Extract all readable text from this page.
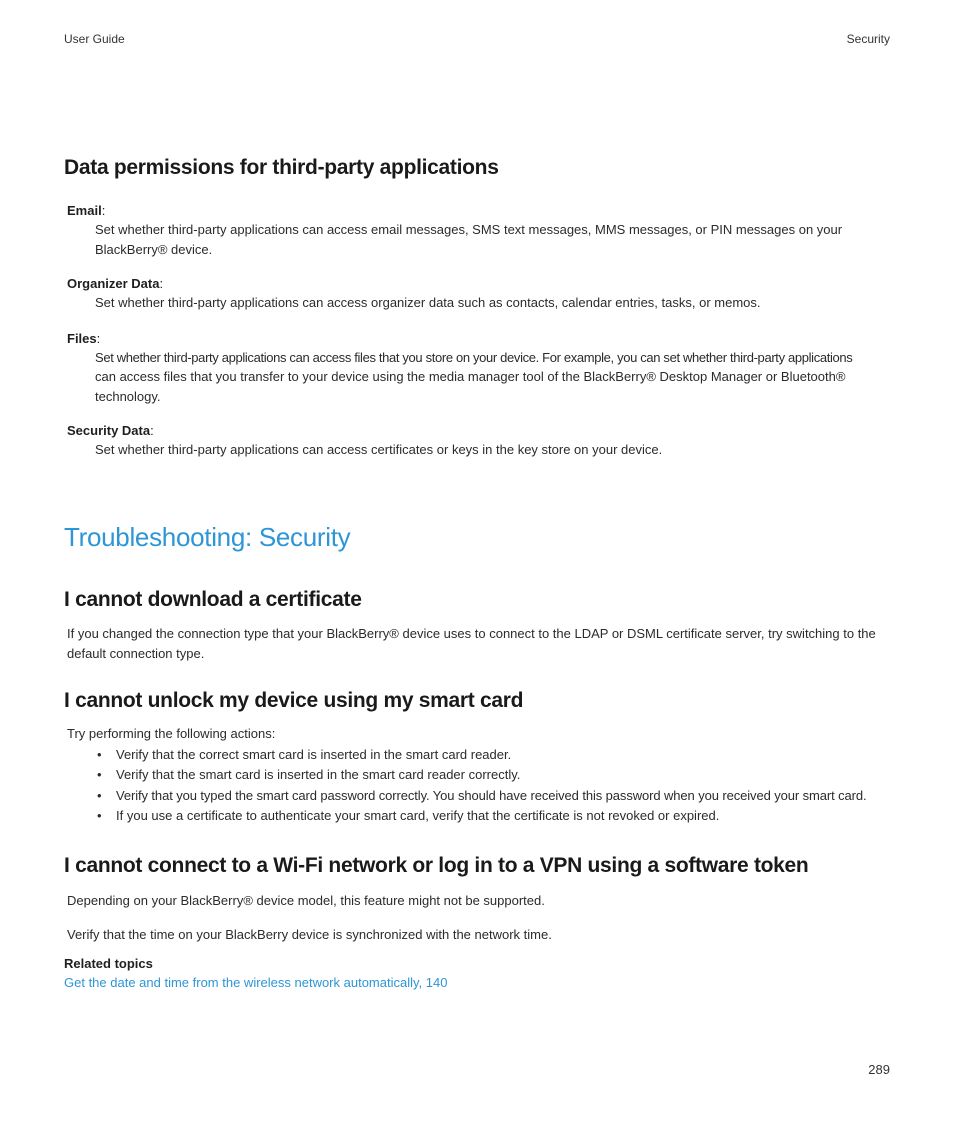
User Guide	Security
Data permissions for third-party applications
Email:
Set whether third-party applications can access email messages, SMS text messages, MMS messages, or PIN messages on your
BlackBerry® device.
Organizer Data:
Set whether third-party applications can access organizer data such as contacts, calendar entries, tasks, or memos.
Files:
Set whether third-party applications can access files that you store on your device. For example, you can set whether third-party applications
can access files that you transfer to your device using the media manager tool of the BlackBerry® Desktop Manager or Bluetooth®
technology.
Security Data:
Set whether third-party applications can access certificates or keys in the key store on your device.
Troubleshooting: Security
I cannot download a certificate
If you changed the connection type that your BlackBerry® device uses to connect to the LDAP or DSML certificate server, try switching to the
default connection type.
I cannot unlock my device using my smart card
Try performing the following actions:
• Verify that the correct smart card is inserted in the smart card reader.
• Verify that the smart card is inserted in the smart card reader correctly.
• Verify that you typed the smart card password correctly. You should have received this password when you received your smart card.
• If you use a certificate to authenticate your smart card, verify that the certificate is not revoked or expired.
I cannot connect to a Wi-Fi network or log in to a VPN using a software token
Depending on your BlackBerry® device model, this feature might not be supported.
Verify that the time on your BlackBerry device is synchronized with the network time.
Related topics
Get the date and time from the wireless network automatically, 140
289
